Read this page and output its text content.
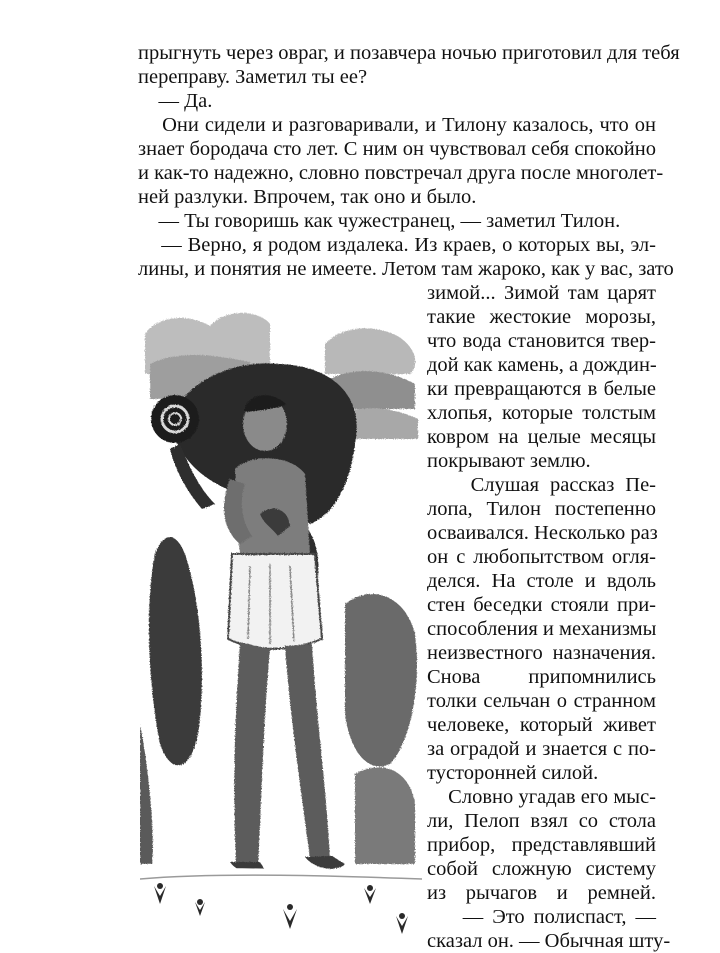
прыгнуть через овраг, и позавчера ночью приготовил для тебя
переправу. Заметил ты ее?
— Да.
Они сидели и разговаривали, и Тилону казалось, что он
знает бородача сто лет. С ним он чувствовал себя спокойно
и как-то надежно, словно повстречал друга после многолет-
ней разлуки. Впрочем, так оно и было.
— Ты говоришь как чужестранец, — заметил Тилон.
— Верно, я родом издалека. Из краев, о которых вы, эл-
лины, и понятия не имеете. Летом там жароко, как у вас, зато
зимой... Зимой там царят
такие жестокие морозы,
что вода становится твер-
дой как камень, а дождин-
ки превращаются в белые
хлопья, которые толстым
ковром на целые месяцы
покрывают землю.
Слушая рассказ Пе-
лопа, Тилон постепенно
осваивался. Несколько раз
он с любопытством огля-
делся. На столе и вдоль
стен беседки стояли при-
способления и механизмы
неизвестного назначения.
Снова припомнились
толки сельчан о странном
человеке, который живет
за оградой и знается с по-
тусторонней силой.
Словно угадав его мыс-
ли, Пелоп взял со стола
прибор, представлявший
собой сложную систему
из рычагов и ремней.
— Это полиспаст, —
сказал он. — Обычная шту-
